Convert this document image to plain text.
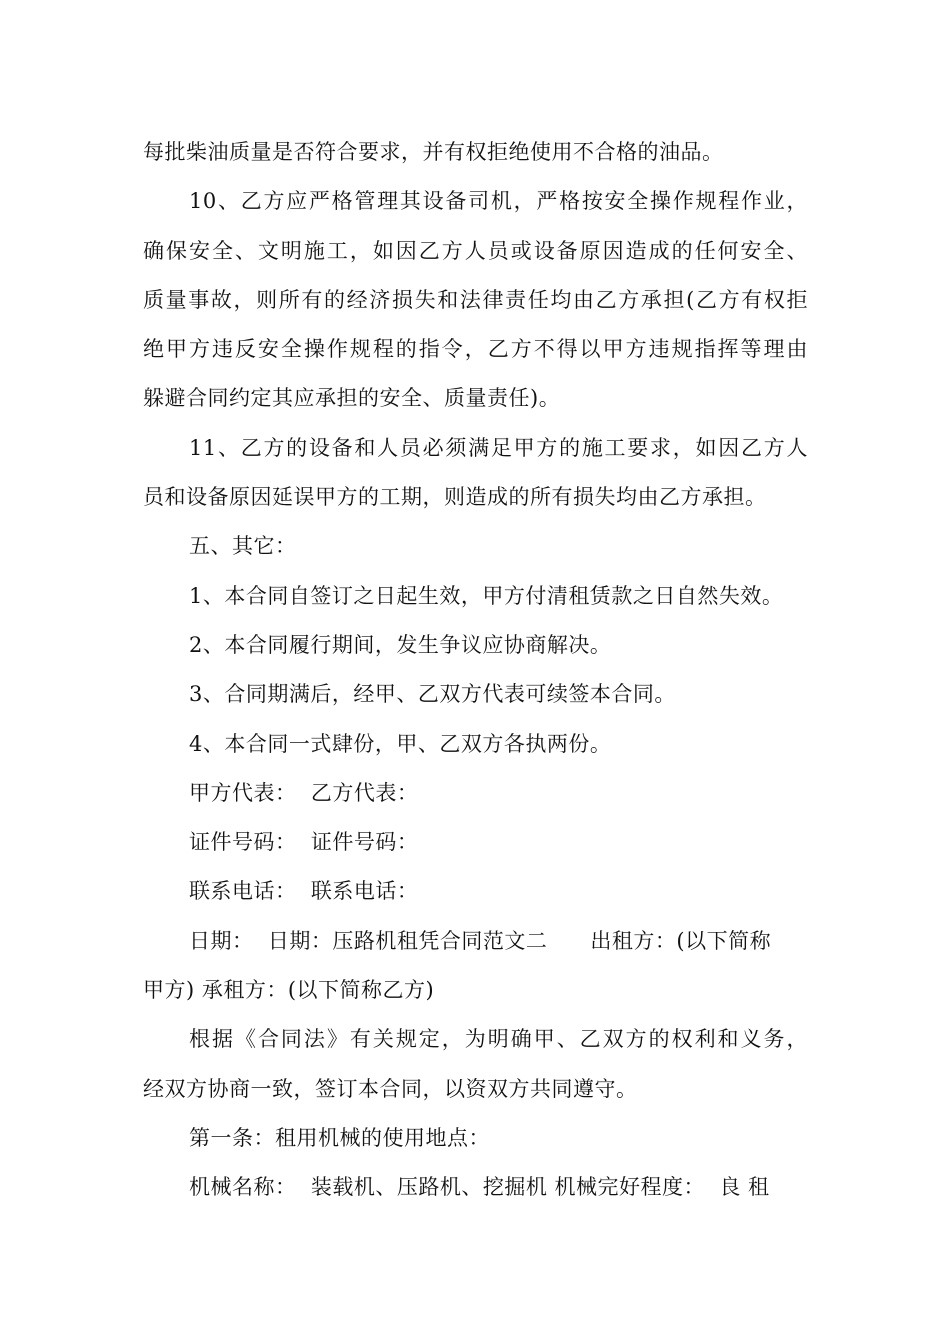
每批柴油质量是否符合要求，并有权拒绝使用不合格的油品。

10、乙方应严格管理其设备司机，严格按安全操作规程作业，
确保安全、文明施工，如因乙方人员或设备原因造成的任何安全、
质量事故，则所有的经济损失和法律责任均由乙方承担(乙方有权拒
绝甲方违反安全操作规程的指令，乙方不得以甲方违规指挥等理由
躲避合同约定其应承担的安全、质量责任)。

11、乙方的设备和人员必须满足甲方的施工要求，如因乙方人
员和设备原因延误甲方的工期，则造成的所有损失均由乙方承担。

五、其它：

1、本合同自签订之日起生效，甲方付清租赁款之日自然失效。

2、本合同履行期间，发生争议应协商解决。

3、合同期满后，经甲、乙双方代表可续签本合同。

4、本合同一式肆份，甲、乙双方各执两份。

甲方代表：  乙方代表：

证件号码：  证件号码：

联系电话：  联系电话：

日期：  日期：压路机租凭合同范文二      出租方：(以下简称
甲方) 承租方：(以下简称乙方)

根据《合同法》有关规定，为明确甲、乙双方的权利和义务，
经双方协商一致，签订本合同，以资双方共同遵守。

第一条：租用机械的使用地点：

机械名称：  装载机、压路机、挖掘机 机械完好程度：  良 租
